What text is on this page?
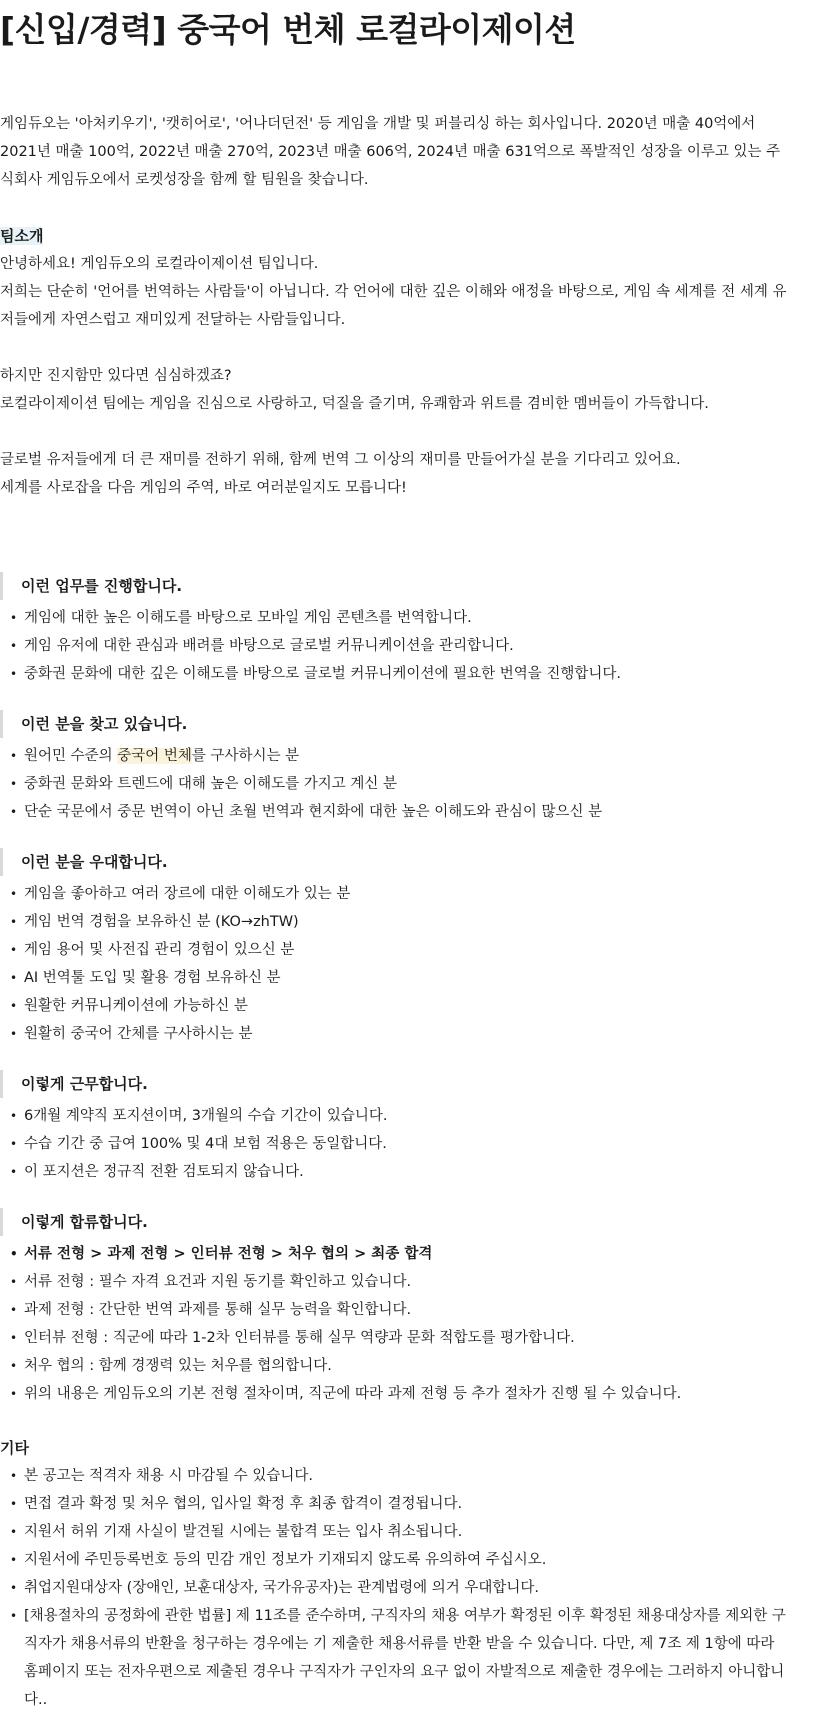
[신입/경력] 중국어 번체 로컬라이제이션

게임듀오는 '아처키우기', '캣히어로', '어나더던전' 등 게임을 개발 및 퍼블리싱 하는 회사입니다. 2020년 매출 40억에서 2021년 매출 100억, 2022년 매출 270억, 2023년 매출 606억, 2024년 매출 631억으로 폭발적인 성장을 이루고 있는 주식회사 게임듀오에서 로켓성장을 함께 할 팀원을 찾습니다.

팀소개

안녕하세요! 게임듀오의 로컬라이제이션 팀입니다.

저희는 단순히 '언어를 번역하는 사람들'이 아닙니다. 각 언어에 대한 깊은 이해와 애정을 바탕으로, 게임 속 세계를 전 세계 유저들에게 자연스럽고 재미있게 전달하는 사람들입니다.

하지만 진지함만 있다면 심심하겠죠?

로컬라이제이션 팀에는 게임을 진심으로 사랑하고, 덕질을 즐기며, 유쾌함과 위트를 겸비한 멤버들이 가득합니다.

글로벌 유저들에게 더 큰 재미를 전하기 위해, 함께 번역 그 이상의 재미를 만들어가실 분을 기다리고 있어요.

세계를 사로잡을 다음 게임의 주역, 바로 여러분일지도 모릅니다!

이런 업무를 진행합니다.
• 게임에 대한 높은 이해도를 바탕으로 모바일 게임 콘텐츠를 번역합니다.
• 게임 유저에 대한 관심과 배려를 바탕으로 글로벌 커뮤니케이션을 관리합니다.
• 중화권 문화에 대한 깊은 이해도를 바탕으로 글로벌 커뮤니케이션에 필요한 번역을 진행합니다.
이런 분을 찾고 있습니다.
• 원어민 수준의 중국어 번체를 구사하시는 분
• 중화권 문화와 트렌드에 대해 높은 이해도를 가지고 계신 분
• 단순 국문에서 중문 번역이 아닌 초월 번역과 현지화에 대한 높은 이해도와 관심이 많으신 분
이런 분을 우대합니다.
• 게임을 좋아하고 여러 장르에 대한 이해도가 있는 분
• 게임 번역 경험을 보유하신 분 (KO→zhTW)
• 게임 용어 및 사전집 관리 경험이 있으신 분
• AI 번역툴 도입 및 활용 경험 보유하신 분
• 원활한 커뮤니케이션에 가능하신 분
• 원활히 중국어 간체를 구사하시는 분
이렇게 근무합니다.
• 6개월 계약직 포지션이며, 3개월의 수습 기간이 있습니다.
• 수습 기간 중 급여 100% 및 4대 보험 적용은 동일합니다.
• 이 포지션은 정규직 전환 검토되지 않습니다.
이렇게 합류합니다.
• 서류 전형 > 과제 전형 > 인터뷰 전형 > 처우 협의 > 최종 합격
• 서류 전형 : 필수 자격 요건과 지원 동기를 확인하고 있습니다.
• 과제 전형 : 간단한 번역 과제를 통해 실무 능력을 확인합니다.
• 인터뷰 전형 : 직군에 따라 1-2차 인터뷰를 통해 실무 역량과 문화 적합도를 평가합니다.
• 처우 협의 : 함께 경쟁력 있는 처우를 협의합니다.
• 위의 내용은 게임듀오의 기본 전형 절차이며, 직군에 따라 과제 전형 등 추가 절차가 진행 될 수 있습니다.
기타
• 본 공고는 적격자 채용 시 마감될 수 있습니다.
• 면접 결과 확정 및 처우 협의, 입사일 확정 후 최종 합격이 결정됩니다.
• 지원서 허위 기재 사실이 발견될 시에는 불합격 또는 입사 취소됩니다.
• 지원서에 주민등록번호 등의 민감 개인 정보가 기재되지 않도록 유의하여 주십시오.
• 취업지원대상자 (장애인, 보훈대상자, 국가유공자)는 관계법령에 의거 우대합니다.
• [채용절차의 공정화에 관한 법률] 제 11조를 준수하며, 구직자의 채용 여부가 확정된 이후 확정된 채용대상자를 제외한 구직자가 채용서류의 반환을 청구하는 경우에는 기 제출한 채용서류를 반환 받을 수 있습니다. 다만, 제 7조 제 1항에 따라 홈페이지 또는 전자우편으로 제출된 경우나 구직자가 구인자의 요구 없이 자발적으로 제출한 경우에는 그러하지 아니합니다..
